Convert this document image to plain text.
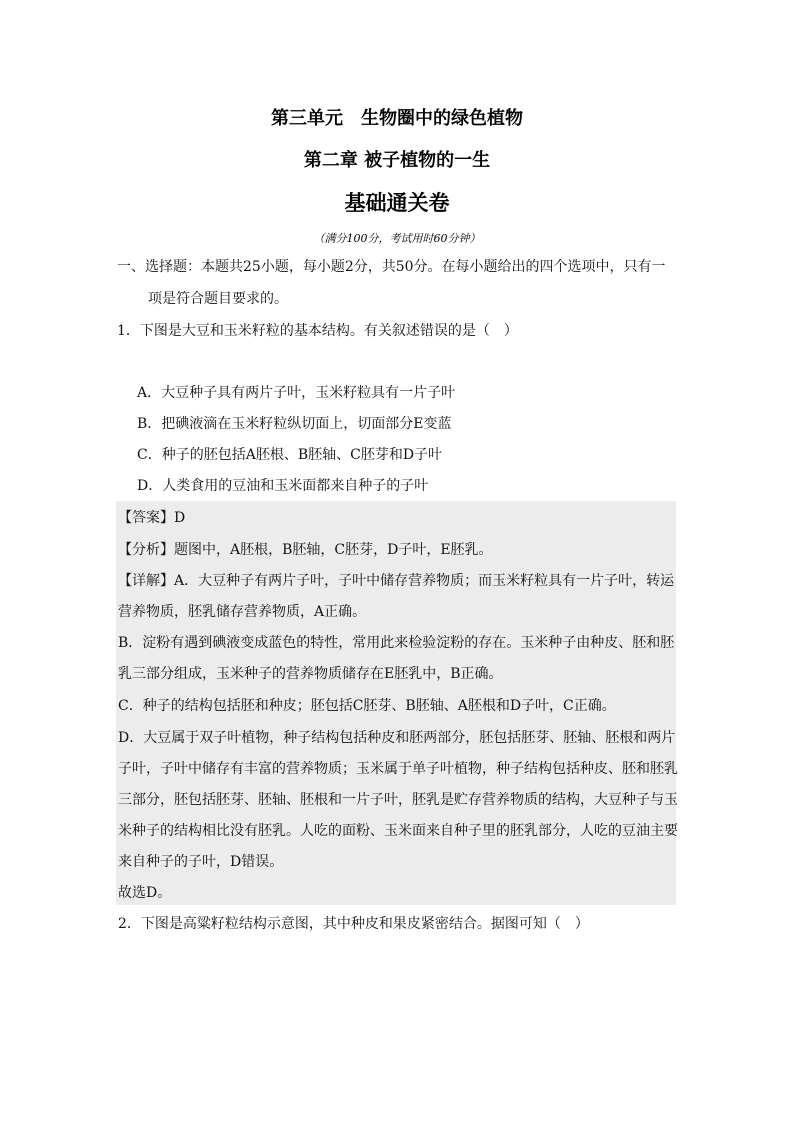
第三单元　生物圈中的绿色植物
第二章 被子植物的一生
基础通关卷
（满分100分，考试用时60分钟）
一、选择题：本题共25小题，每小题2分，共50分。在每小题给出的四个选项中，只有一
项是符合题目要求的。
1．下图是大豆和玉米籽粒的基本结构。有关叙述错误的是（　）
A．大豆种子具有两片子叶，玉米籽粒具有一片子叶
B．把碘液滴在玉米籽粒纵切面上，切面部分E变蓝
C．种子的胚包括A胚根、B胚轴、C胚芽和D子叶
D．人类食用的豆油和玉米面都来自种子的子叶
【答案】D
【分析】题图中，A胚根，B胚轴，C胚芽，D子叶，E胚乳。
【详解】A．大豆种子有两片子叶，子叶中储存营养物质；而玉米籽粒具有一片子叶，转运
营养物质，胚乳储存营养物质，A正确。
B．淀粉有遇到碘液变成蓝色的特性，常用此来检验淀粉的存在。玉米种子由种皮、胚和胚
乳三部分组成，玉米种子的营养物质储存在E胚乳中，B正确。
C．种子的结构包括胚和种皮；胚包括C胚芽、B胚轴、A胚根和D子叶，C正确。
D．大豆属于双子叶植物，种子结构包括种皮和胚两部分，胚包括胚芽、胚轴、胚根和两片
子叶，子叶中储存有丰富的营养物质；玉米属于单子叶植物，种子结构包括种皮、胚和胚乳
三部分，胚包括胚芽、胚轴、胚根和一片子叶，胚乳是贮存营养物质的结构，大豆种子与玉
米种子的结构相比没有胚乳。人吃的面粉、玉米面来自种子里的胚乳部分，人吃的豆油主要
来自种子的子叶，D错误。
故选D。
2．下图是高粱籽粒结构示意图，其中种皮和果皮紧密结合。据图可知（　）
